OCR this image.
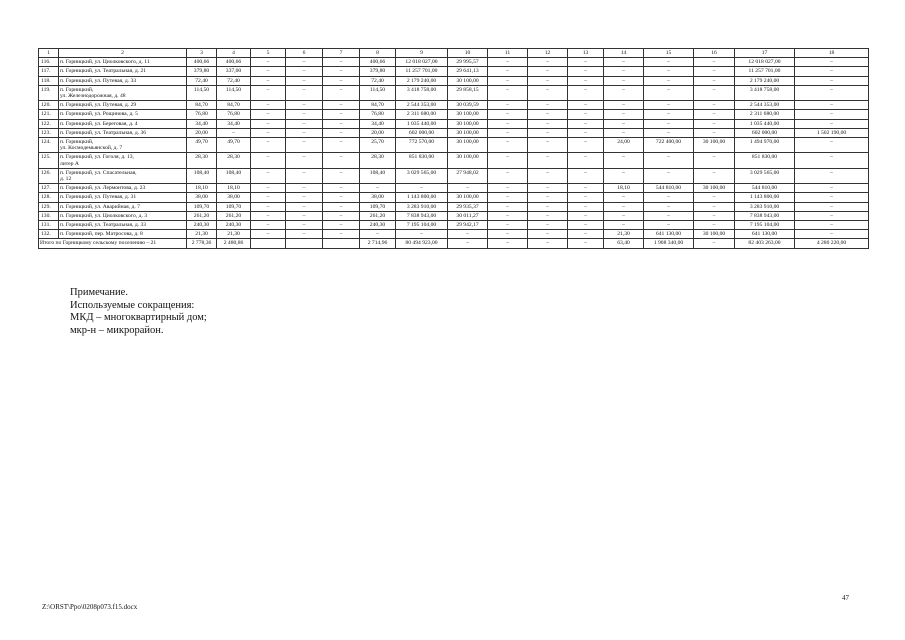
1	2	3	4	5	6	7	8	9	10	11	12	13	14	15	16	17	18
116.	п. Горницкий, ул. Циолковского, д. 11	400,66	400,66	–	–	–	400,66	12 018 027,00	29 995,57	–	–	–	–	–	–	12 018 027,00	–
117.	п. Горницкий, ул. Театральная, д. 21	379,80	337,00	–	–	–	379,80	11 257 701,00	29 641,13	–	–	–	–	–	–	11 257 701,00	–
118.	п. Горницкий, ул. Путевая, д. 33	72,40	72,40	–	–	–	72,40	2 179 240,00	30 100,00	–	–	–	–	–	–	2 179 240,00	–
119.	п. Горницкий,
ул. Железнодорожная, д. 48	114,50	114,50	–	–	–	114,50	3 418 758,00	29 858,15	–	–	–	–	–	–	3 418 758,00	–
120.	п. Горницкий, ул. Путевая, д. 29	84,70	84,70	–	–	–	84,70	2 544 353,00	30 039,59	–	–	–	–	–	–	2 544 353,00	–
121.	п. Горницкий, ул. Рощинова, д. 5	76,80	76,80	–	–	–	76,80	2 311 680,00	30 100,00	–	–	–	–	–	–	2 311 680,00	–
122.	п. Горницкий, ул. Береговая, д. 4	34,40	34,40	–	–	–	34,40	1 035 440,00	30 100,00	–	–	–	–	–	–	1 035 440,00	–
123.	п. Горницкий, ул. Театральная, д. 36	20,00	–	–	–	–	20,00	602 000,00	30 100,00	–	–	–	–	–	–	602 000,00	1 502 190,00
124.	п. Горницкий,
ул. Космодемьянской, д. 7	49,70	49,70	–	–	–	25,70	772 570,00	30 100,00	–	–	–	24,00	722 400,00	30 100,00	1 494 970,00	–
125.	п. Горницкий, ул. Гоголя, д. 13,
литер А	28,30	28,30	–	–	–	28,30	851 830,00	30 100,00	–	–	–	–	–	–	851 830,00	–
126.	п. Горницкий, ул. Спасательная,
д. 12	108,40	108,40	–	–	–	108,40	3 029 565,00	27 948,02	–	–	–	–	–	–	3 029 565,00	–
127.	п. Горницкий, ул. Лермонтова, д. 23	18,10	18,10	–	–	–	–	–	–	–	–	–	18,10	544 810,00	30 100,00	544 810,00	–
128.	п. Горницкий, ул. Путевая, д. 31	38,00	38,00	–	–	–	38,00	1 143 800,00	30 100,00	–	–	–	–	–	–	1 143 800,00	–
129.	п. Горницкий, ул. Аварийная, д. 7	109,70	109,70	–	–	–	109,70	3 283 910,00	29 935,37	–	–	–	–	–	–	3 283 910,00	–
130.	п. Горницкий, ул. Циолковского, д. 3	261,20	261,20	–	–	–	261,20	7 838 943,00	30 011,27	–	–	–	–	–	–	7 838 943,00	–
131.	п. Горницкий, ул. Театральная, д. 33	240,30	240,30	–	–	–	240,30	7 195 104,00	29 942,17	–	–	–	–	–	–	7 195 104,00	–
132.	п. Горницкий, пер. Матросова, д. 8	21,30	21,30	–	–	–	–	–	–	–	–	–	21,30	641 130,00	30 100,00	641 130,00	–
Итого по Горницкому сельскому поселению – 21		2 778,36	2 480,86				2 714,96	80 494 923,00	–	–	–	–	63,40	1 908 340,00	–	82 403 263,00	4 280 220,00
Примечание.
Используемые сокращения:
МКД – многоквартирный дом;
мкр-н – микрорайон.
47
Z:\ORST\Ppo\0208p073.f15.docx
